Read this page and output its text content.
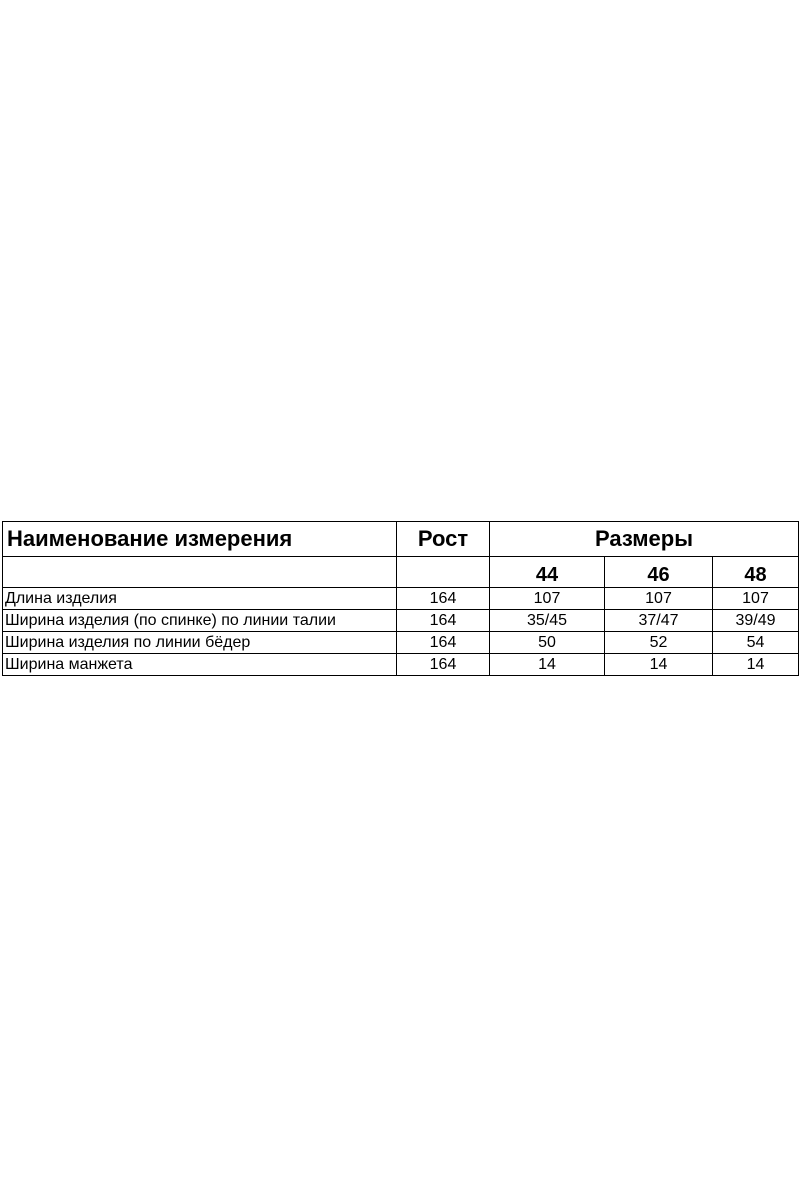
Наименование измерения	Рост	Размеры		
		44	46	48
Длина изделия	164	107	107	107
Ширина изделия (по спинке) по линии талии	164	35/45	37/47	39/49
Ширина изделия по линии бёдер	164	50	52	54
Ширина манжета	164	14	14	14
